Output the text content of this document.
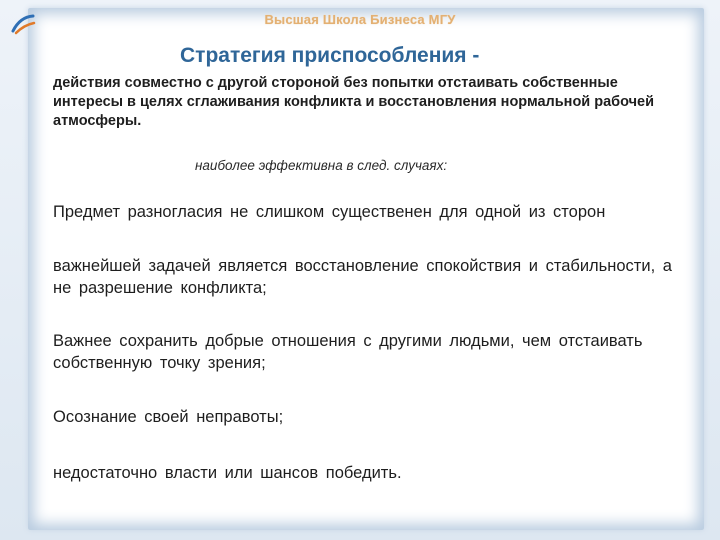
Высшая Школа Бизнеса МГУ
Стратегия приспособления -
действия совместно с другой стороной без попытки отстаивать собственные интересы в целях сглаживания конфликта и восстановления нормальной рабочей атмосферы.
наиболее эффективна в след. случаях:
Предмет разногласия не слишком существенен для одной из сторон
важнейшей задачей является восстановление спокойствия и стабильности, а не разрешение конфликта;
Важнее сохранить добрые отношения с другими людьми, чем отстаивать собственную точку зрения;
Осознание своей неправоты;
недостаточно власти или шансов победить.
